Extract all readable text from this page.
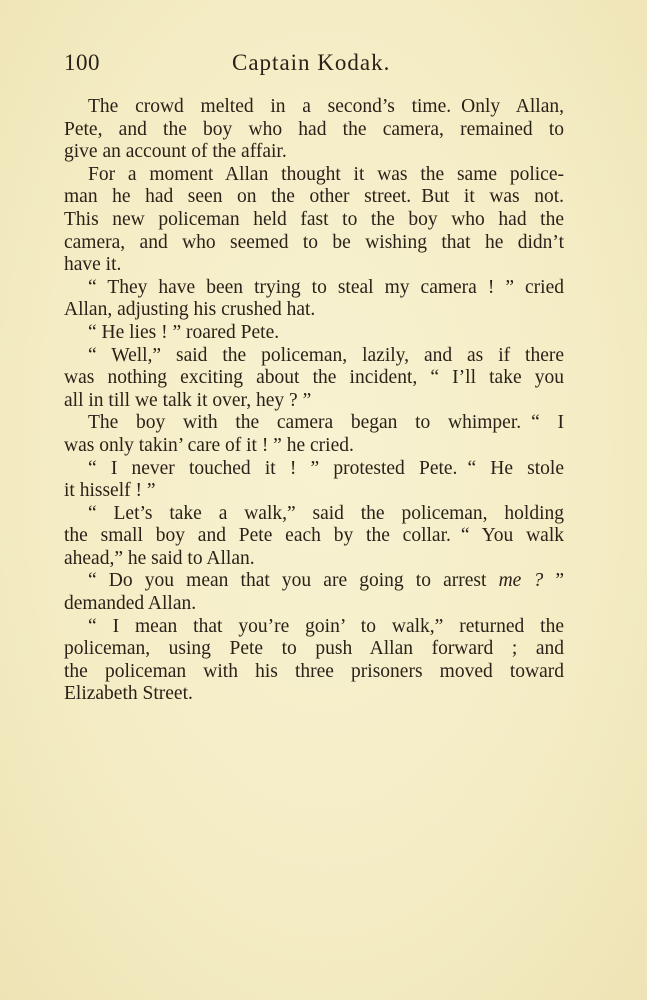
100	Captain Kodak.
The crowd melted in a second’s time. Only Allan,
Pete, and the boy who had the camera, remained to
give an account of the affair.
For a moment Allan thought it was the same police-
man he had seen on the other street. But it was not.
This new policeman held fast to the boy who had the
camera, and who seemed to be wishing that he didn’t
have it.
“ They have been trying to steal my camera ! ” cried
Allan, adjusting his crushed hat.
“ He lies ! ” roared Pete.
“ Well,” said the policeman, lazily, and as if there
was nothing exciting about the incident, “ I’ll take you
all in till we talk it over, hey ? ”
The boy with the camera began to whimper. “ I
was only takin’ care of it ! ” he cried.
“ I never touched it ! ” protested Pete. “ He stole
it hisself ! ”
“ Let’s take a walk,” said the policeman, holding
the small boy and Pete each by the collar. “ You walk
ahead,” he said to Allan.
“ Do you mean that you are going to arrest me ? ”
demanded Allan.
“ I mean that you’re goin’ to walk,” returned the
policeman, using Pete to push Allan forward ; and
the policeman with his three prisoners moved toward
Elizabeth Street.
